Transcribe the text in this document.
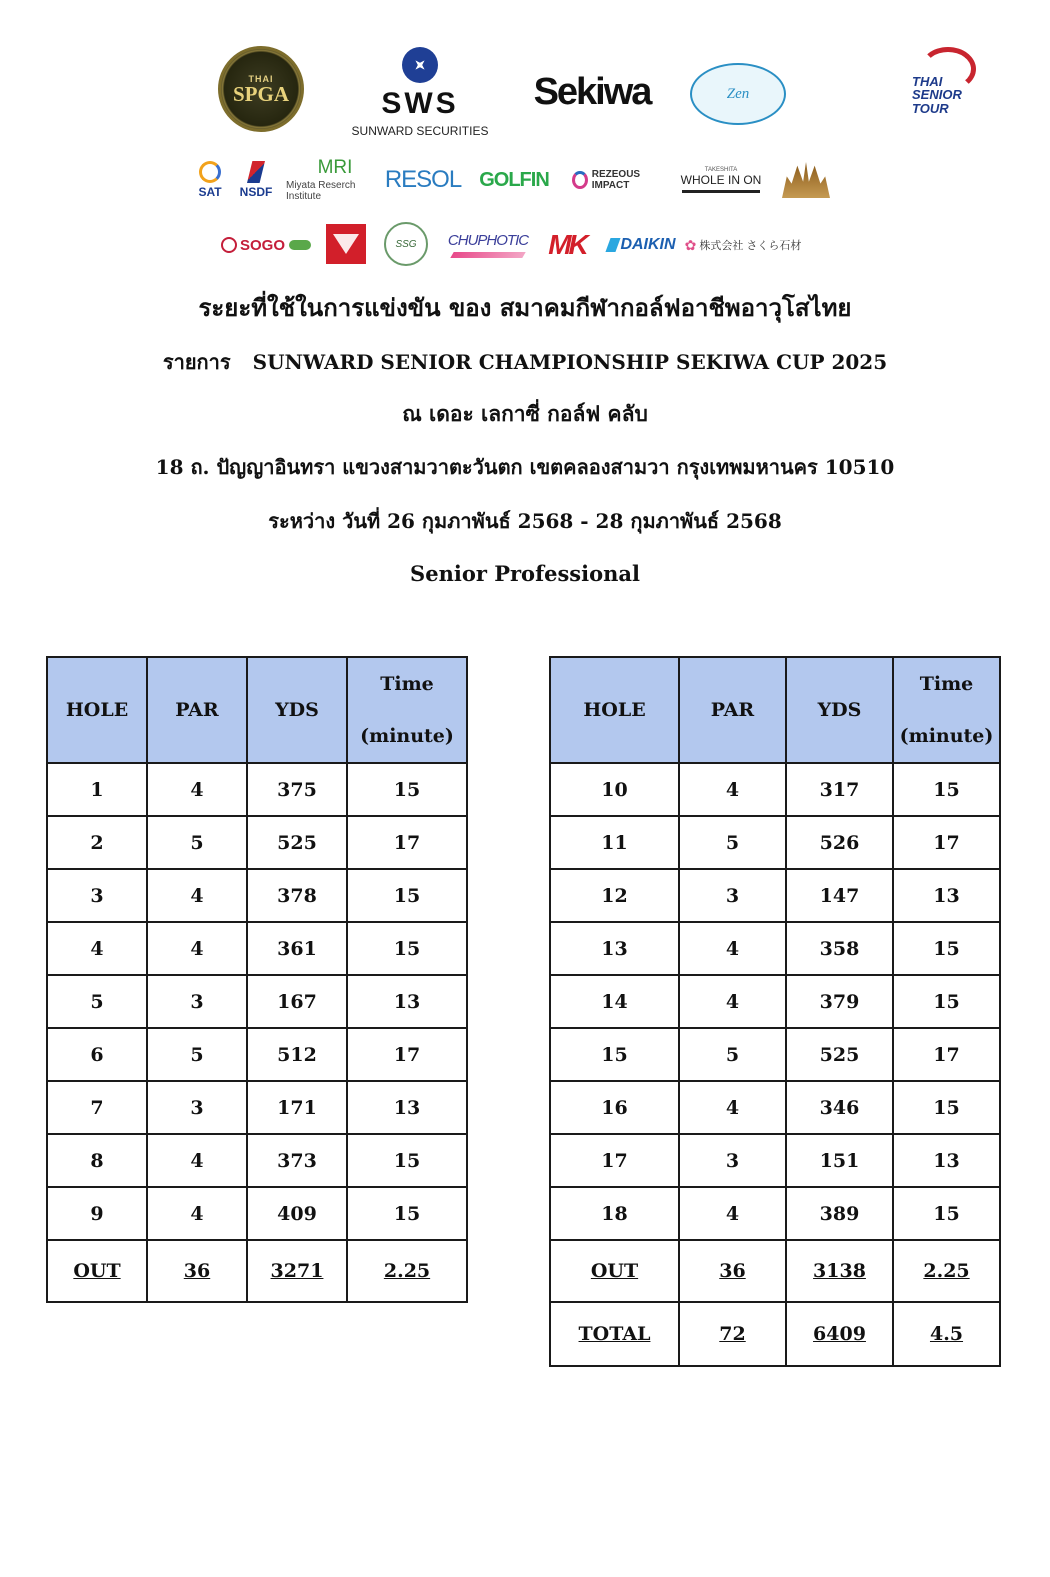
THAI
SPGA	SWS
SUNWARD SECURITIES
Sekiwa	Zen
THAI
SENIOR TOUR
SAT NSDF
MRI
Miyata Reserch Institute
RESOL GOLFIN	REZEOUS IMPACT
TAKESHITA
WHOLE IN ON
SOGO	SSG	CHUPHOTIC MK	DAIKIN	✿ 株式会社 さくら石材
ระยะที่ใช้ในการแข่งขัน ของ สมาคมกีฬากอล์ฟอาชีพอาวุโสไทย
รายการ SUNWARD SENIOR CHAMPIONSHIP SEKIWA CUP 2025
ณ เดอะ เลกาซี่ กอล์ฟ คลับ
18 ถ. ปัญญาอินทรา แขวงสามวาตะวันตก เขตคลองสามวา กรุงเทพมหานคร 10510
ระหว่าง วันที่ 26 กุมภาพันธ์ 2568 - 28 กุมภาพันธ์ 2568
Senior Professional
HOLE	PAR	YDS	Time
(minute)

1	4	375	15
2	5	525	17
3	4	378	15
4	4	361	15
5	3	167	13
6	5	512	17
7	3	171	13
8	4	373	15
9	4	409	15
OUT	36	3271	2.25
HOLE	PAR	YDS	Time
(minute)

10	4	317	15
11	5	526	17
12	3	147	13
13	4	358	15
14	4	379	15
15	5	525	17
16	4	346	15
17	3	151	13
18	4	389	15
OUT	36	3138	2.25
TOTAL	72	6409	4.5
